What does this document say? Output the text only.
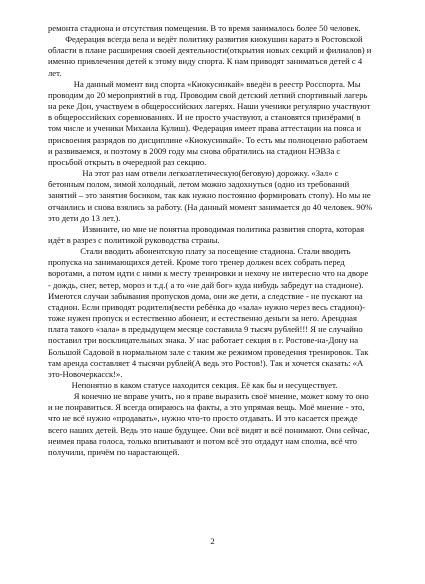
ремонта стадиона и отсутствия помещения. В то время занималось более 50 человек.

Федерация всегда вела и ведёт политику развития киокушин каратэ в Ростовской области в плане расширения своей деятельности(открытия новых секций и филиалов) и именно привлечения детей к этому виду спорта. К нам приводят заниматься детей с 4 лет.

На данный момент вид спорта «Киокусинкай» введён в реестр Росспорта. Мы проводим до 20 мероприятий в год. Проводим свой детский летний спортивный лагерь на реке Дон, участвуем в общероссийских лагерях. Наши ученики регулярно участвуют в общероссийских соревнованиях. И не просто участвуют, а становятся призёрами( в том числе и ученики Михаила Кулиш). Федерация имеет права аттестации на пояса и присвоения разрядов по дисциплине «Киокусинкай». То есть мы полноценно работаем и развиваемся, и поэтому в 2009 году мы снова обратились на стадион НЭВЗа с просьбой открыть в очередной раз секцию.

На этот раз нам отвели легкоатлетическую(беговую) дорожку. «Зал» с бетонным полом, зимой холодный, летом можно задохнуться (одно из требований занятий – это занятия босиком, так как нужно постоянно формировать стопу). Но мы не отчаились и снова взялись за работу. (На данный момент занимается до 40 человек. 90% это дети до 13 лет.).

Извините, но мне не понятна проводимая политика развития спорта, которая идёт в разрез с политикой руководства страны.

Стали вводить абонентскую плату за посещение стадиона. Стали вводить пропуска на занимающихся детей. Кроме того тренер должен всех собрать перед воротами, а потом идти с ними к месту тренировки и нехочу не интересно что на дворе - дождь, снег, ветер, мороз и т.д.( а то «не дай бог» куда нибудь забредут на стадионе). Имеются случаи забывания пропусков дома, они же дети, а следствие - не пускают на стадион. Если приводят родители(вести ребёнка до «зала» нужно через весь стадион)- тоже нужен пропуск и естественно абонент, и естественно деньги за него. Арендная плата такого «зала» в предыдущем месяце составила 9 тысяч рублей!!! Я не случайно поставил три восклицательных знака. У нас работает секция в г. Ростове-на-Дону на Большой Садовой в нормальном зале с таким же режимом проведения тренировок. Так там аренда составляет 4 тысячи рублей(А ведь это Ростов!). Так и хочется сказать: «А это-Новочеркасск!».

Непонятно в каком статусе находится секция. Её как бы и несуществует.

Я конечно не вправе учить, но я праве выразить своё мнение, может кому то оно и не понравиться. Я всегда опираюсь на факты, а это упрямая вещь. Моё мнение - это, что не всё нужно «продавать», нужно что-то просто отдавать. И это касается прежде всего наших детей. Ведь это наше будущее. Они всё видят и всё понимают. Они сейчас, неимея права голоса, только впитывают и потом всё это отдадут нам сполна, всё что получили, причём по нарастающей.

2
